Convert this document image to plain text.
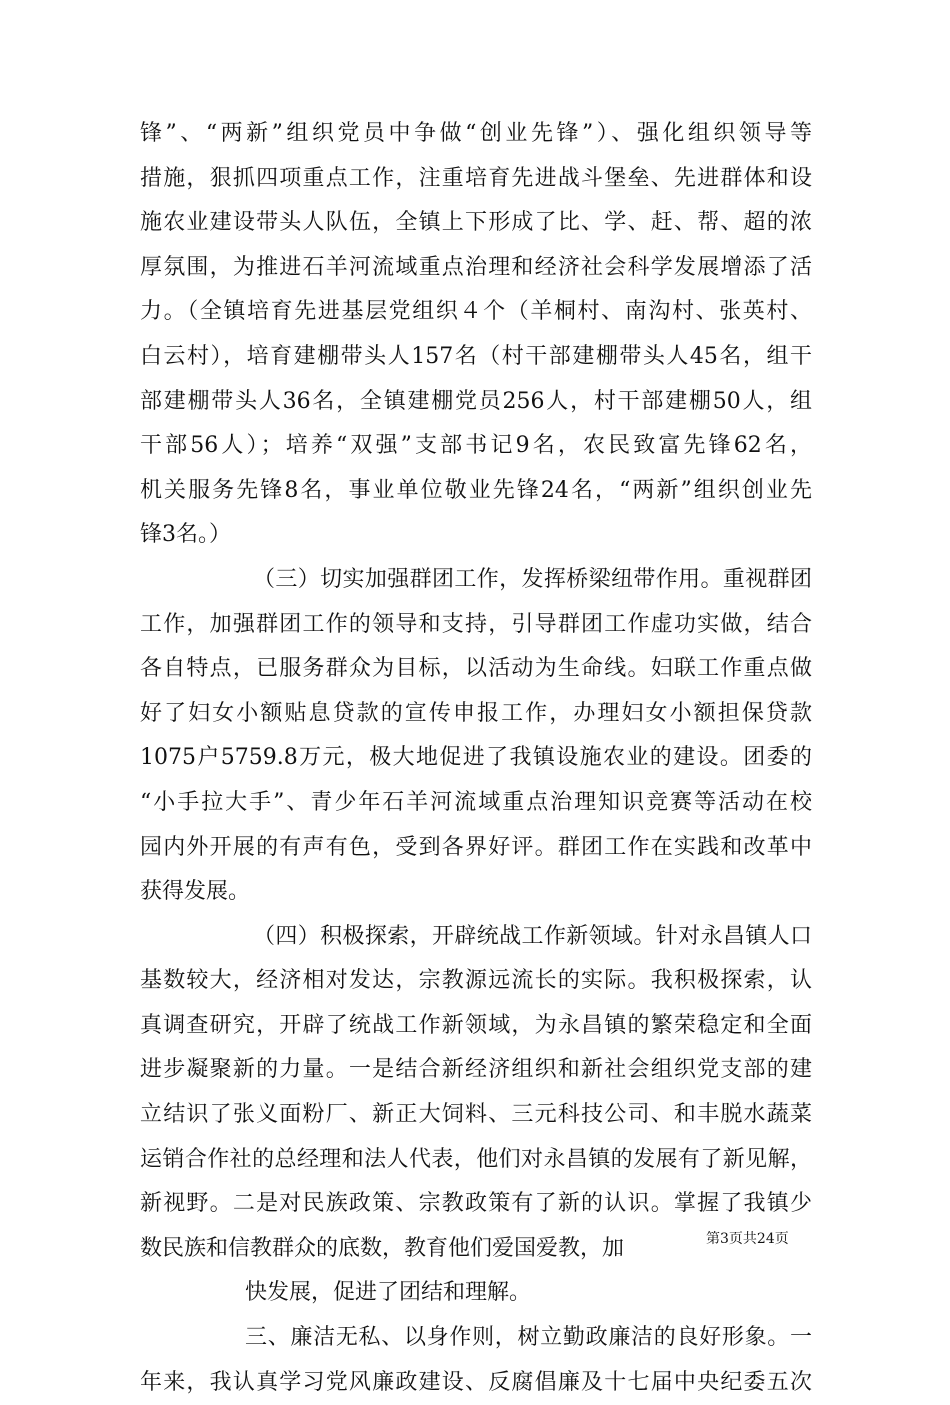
锋”、“两新”组织党员中争做“创业先锋”）、强化组织领导等
措施，狠抓四项重点工作，注重培育先进战斗堡垒、先进群体和设
施农业建设带头人队伍，全镇上下形成了比、学、赶、帮、超的浓
厚氛围，为推进石羊河流域重点治理和经济社会科学发展增添了活
力。（全镇培育先进基层党组织４个（羊桐村、南沟村、张英村、
白云村），培育建棚带头人157名（村干部建棚带头人45名，组干
部建棚带头人36名，全镇建棚党员256人，村干部建棚50人，组
干部56人）；培养“双强”支部书记9名，农民致富先锋62名，
机关服务先锋8名，事业单位敬业先锋24名，“两新”组织创业先
锋3名。）
（三）切实加强群团工作，发挥桥梁纽带作用。重视群团
工作，加强群团工作的领导和支持，引导群团工作虚功实做，结合
各自特点，已服务群众为目标，以活动为生命线。妇联工作重点做
好了妇女小额贴息贷款的宣传申报工作，办理妇女小额担保贷款
1075户5759.8万元，极大地促进了我镇设施农业的建设。团委的
“小手拉大手”、青少年石羊河流域重点治理知识竞赛等活动在校
园内外开展的有声有色，受到各界好评。群团工作在实践和改革中
获得发展。
（四）积极探索，开辟统战工作新领域。针对永昌镇人口
基数较大，经济相对发达，宗教源远流长的实际。我积极探索，认
真调查研究，开辟了统战工作新领域，为永昌镇的繁荣稳定和全面
进步凝聚新的力量。一是结合新经济组织和新社会组织党支部的建
立结识了张义面粉厂、新正大饲料、三元科技公司、和丰脱水蔬菜
运销合作社的总经理和法人代表，他们对永昌镇的发展有了新见解，
新视野。二是对民族政策、宗教政策有了新的认识。掌握了我镇少
数民族和信教群众的底数，教育他们爱国爱教，加
快发展，促进了团结和理解。
三、廉洁无私、以身作则，树立勤政廉洁的良好形象。一
年来，我认真学习党风廉政建设、反腐倡廉及十七届中央纪委五次
第3页共24页
